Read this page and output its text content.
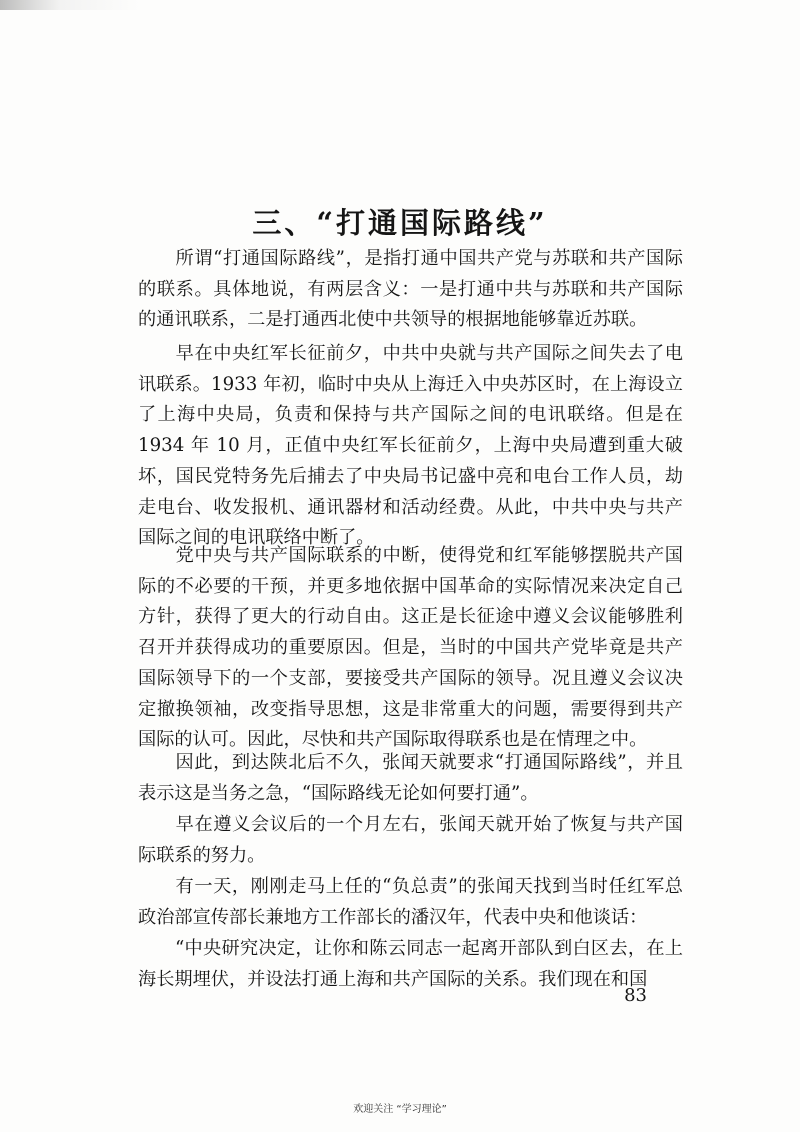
三、“打通国际路线”

　　所谓“打通国际路线”，是指打通中国共产党与苏联和共产国际的联系。具体地说，有两层含义：一是打通中共与苏联和共产国际的通讯联系，二是打通西北使中共领导的根据地能够靠近苏联。

　　早在中央红军长征前夕，中共中央就与共产国际之间失去了电讯联系。1933 年初，临时中央从上海迁入中央苏区时，在上海设立了上海中央局，负责和保持与共产国际之间的电讯联络。但是在 1934 年 10 月，正值中央红军长征前夕，上海中央局遭到重大破坏，国民党特务先后捕去了中央局书记盛中亮和电台工作人员，劫走电台、收发报机、通讯器材和活动经费。从此，中共中央与共产国际之间的电讯联络中断了。

　　党中央与共产国际联系的中断，使得党和红军能够摆脱共产国际的不必要的干预，并更多地依据中国革命的实际情况来决定自己方针，获得了更大的行动自由。这正是长征途中遵义会议能够胜利召开并获得成功的重要原因。但是，当时的中国共产党毕竟是共产国际领导下的一个支部，要接受共产国际的领导。况且遵义会议决定撤换领袖，改变指导思想，这是非常重大的问题，需要得到共产国际的认可。因此，尽快和共产国际取得联系也是在情理之中。

　　因此，到达陕北后不久，张闻天就要求“打通国际路线”，并且表示这是当务之急，“国际路线无论如何要打通”。

　　早在遵义会议后的一个月左右，张闻天就开始了恢复与共产国际联系的努力。

　　有一天，刚刚走马上任的“负总责”的张闻天找到当时任红军总政治部宣传部长兼地方工作部长的潘汉年，代表中央和他谈话：

　　“中央研究决定，让你和陈云同志一起离开部队到白区去，在上海长期埋伏，并设法打通上海和共产国际的关系。我们现在和国

83
欢迎关注 “学习理论”
